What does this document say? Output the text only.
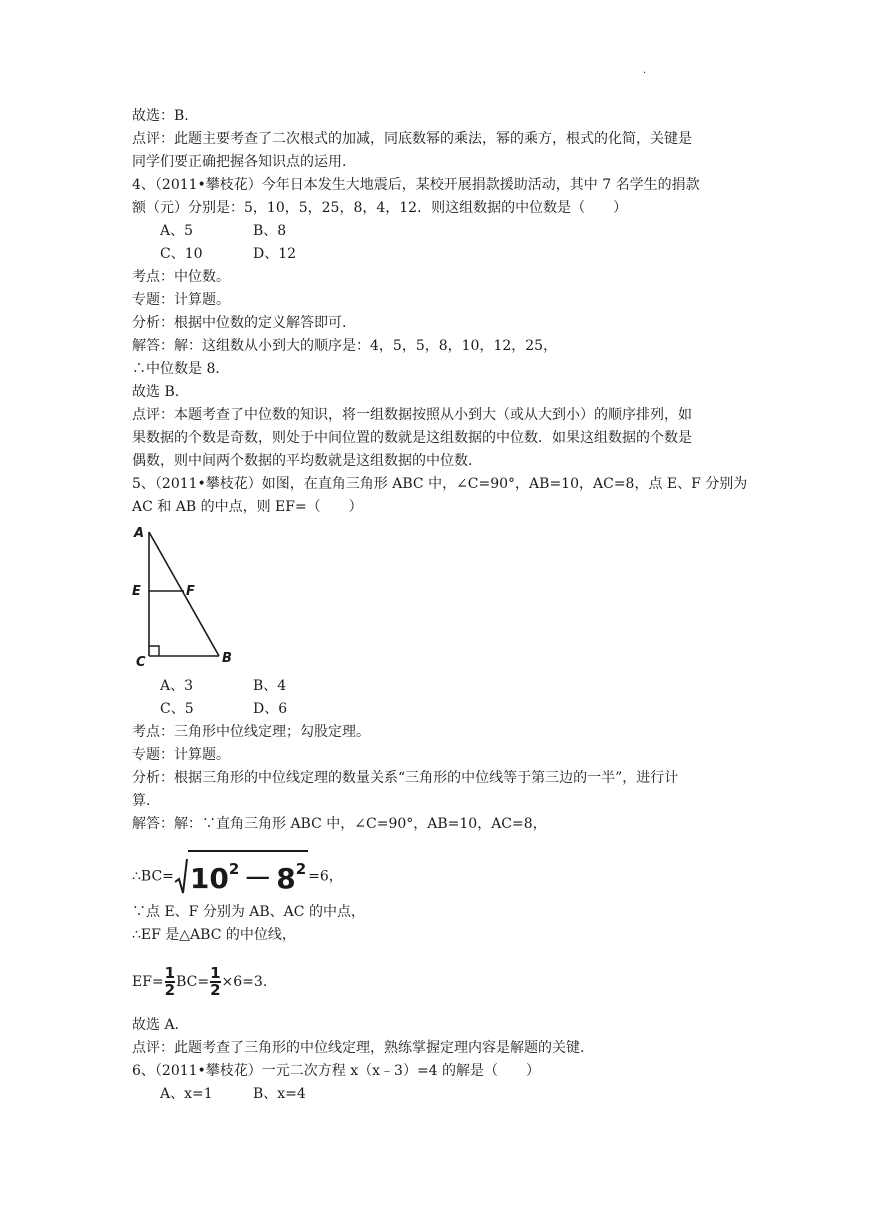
.
故选：B.
点评：此题主要考查了二次根式的加减，同底数幂的乘法，幂的乘方，根式的化简，关键是
同学们要正确把握各知识点的运用.
4、（2011•攀枝花）今年日本发生大地震后，某校开展捐款援助活动，其中 7 名学生的捐款
额（元）分别是：5，10，5，25，8，4，12．则这组数据的中位数是（　　）
A、5	B、8
C、10	D、12
考点：中位数。
专题：计算题。
分析：根据中位数的定义解答即可.
解答：解：这组数从小到大的顺序是：4，5，5，8，10，12，25，
∴中位数是 8.
故选 B.
点评：本题考查了中位数的知识，将一组数据按照从小到大（或从大到小）的顺序排列，如
果数据的个数是奇数，则处于中间位置的数就是这组数据的中位数．如果这组数据的个数是
偶数，则中间两个数据的平均数就是这组数据的中位数.
5、（2011•攀枝花）如图，在直角三角形 ABC 中，∠C=90°，AB=10，AC=8，点 E、F 分别为
AC 和 AB 的中点，则 EF=（　　）
A
E	F
C	B
A、3	B、4
C、5	D、6
考点：三角形中位线定理；勾股定理。
专题：计算题。
分析：根据三角形的中位线定理的数量关系“三角形的中位线等于第三边的一半”，进行计
算.
解答：解：∵直角三角形 ABC 中，∠C=90°，AB=10，AC=8，
∴BC= $10^2 - 8^2 =6$，
∵点 E、F 分别为 AB、AC 的中点，
∴EF 是△ABC 的中位线，
$EF=\frac{1}{2}BC=\frac{1}{2}\times 6=3$.
故选 A.
点评：此题考查了三角形的中位线定理，熟练掌握定理内容是解题的关键.
6、（2011•攀枝花）一元二次方程 x（x﹣3）=4 的解是（　　）
A、x=1	B、x=4
